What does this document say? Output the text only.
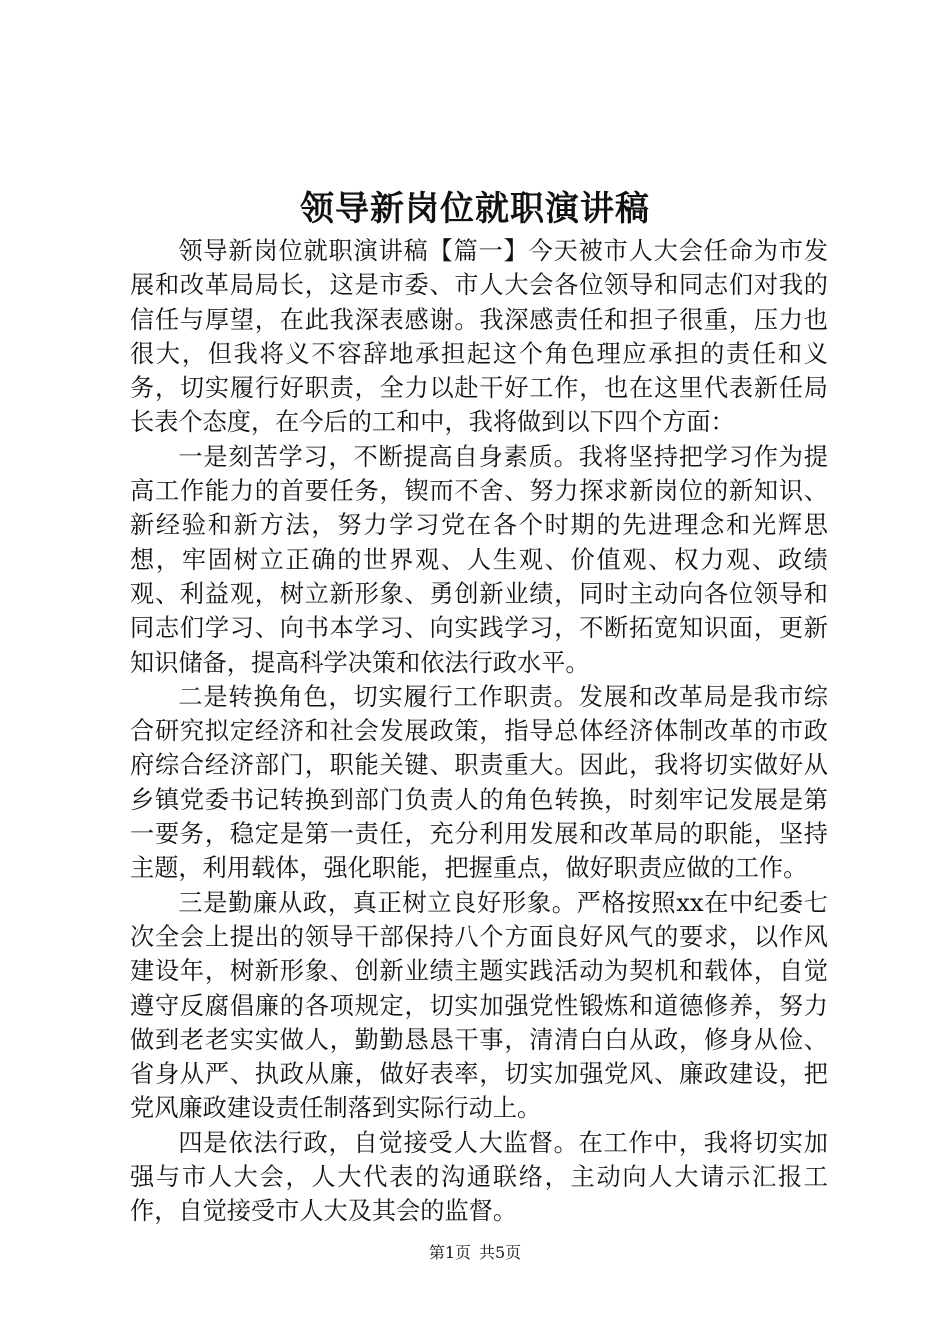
领导新岗位就职演讲稿

领导新岗位就职演讲稿【篇一】今天被市人大会任命为市发展和改革局局长，这是市委、市人大会各位领导和同志们对我的信任与厚望，在此我深表感谢。我深感责任和担子很重，压力也很大，但我将义不容辞地承担起这个角色理应承担的责任和义务，切实履行好职责，全力以赴干好工作，也在这里代表新任局长表个态度，在今后的工和中，我将做到以下四个方面：

一是刻苦学习，不断提高自身素质。我将坚持把学习作为提高工作能力的首要任务，锲而不舍、努力探求新岗位的新知识、新经验和新方法，努力学习党在各个时期的先进理念和光辉思想，牢固树立正确的世界观、人生观、价值观、权力观、政绩观、利益观，树立新形象、勇创新业绩，同时主动向各位领导和同志们学习、向书本学习、向实践学习，不断拓宽知识面，更新知识储备，提高科学决策和依法行政水平。

二是转换角色，切实履行工作职责。发展和改革局是我市综合研究拟定经济和社会发展政策，指导总体经济体制改革的市政府综合经济部门，职能关键、职责重大。因此，我将切实做好从乡镇党委书记转换到部门负责人的角色转换，时刻牢记发展是第一要务，稳定是第一责任，充分利用发展和改革局的职能，坚持主题，利用载体，强化职能，把握重点，做好职责应做的工作。

三是勤廉从政，真正树立良好形象。严格按照xx在中纪委七次全会上提出的领导干部保持八个方面良好风气的要求，以作风建设年，树新形象、创新业绩主题实践活动为契机和载体，自觉遵守反腐倡廉的各项规定，切实加强党性锻炼和道德修养，努力做到老老实实做人，勤勤恳恳干事，清清白白从政，修身从俭、省身从严、执政从廉，做好表率，切实加强党风、廉政建设，把党风廉政建设责任制落到实际行动上。

四是依法行政，自觉接受人大监督。在工作中，我将切实加强与市人大会，人大代表的沟通联络，主动向人大请示汇报工作，自觉接受市人大及其会的监督。

第1页 共5页
